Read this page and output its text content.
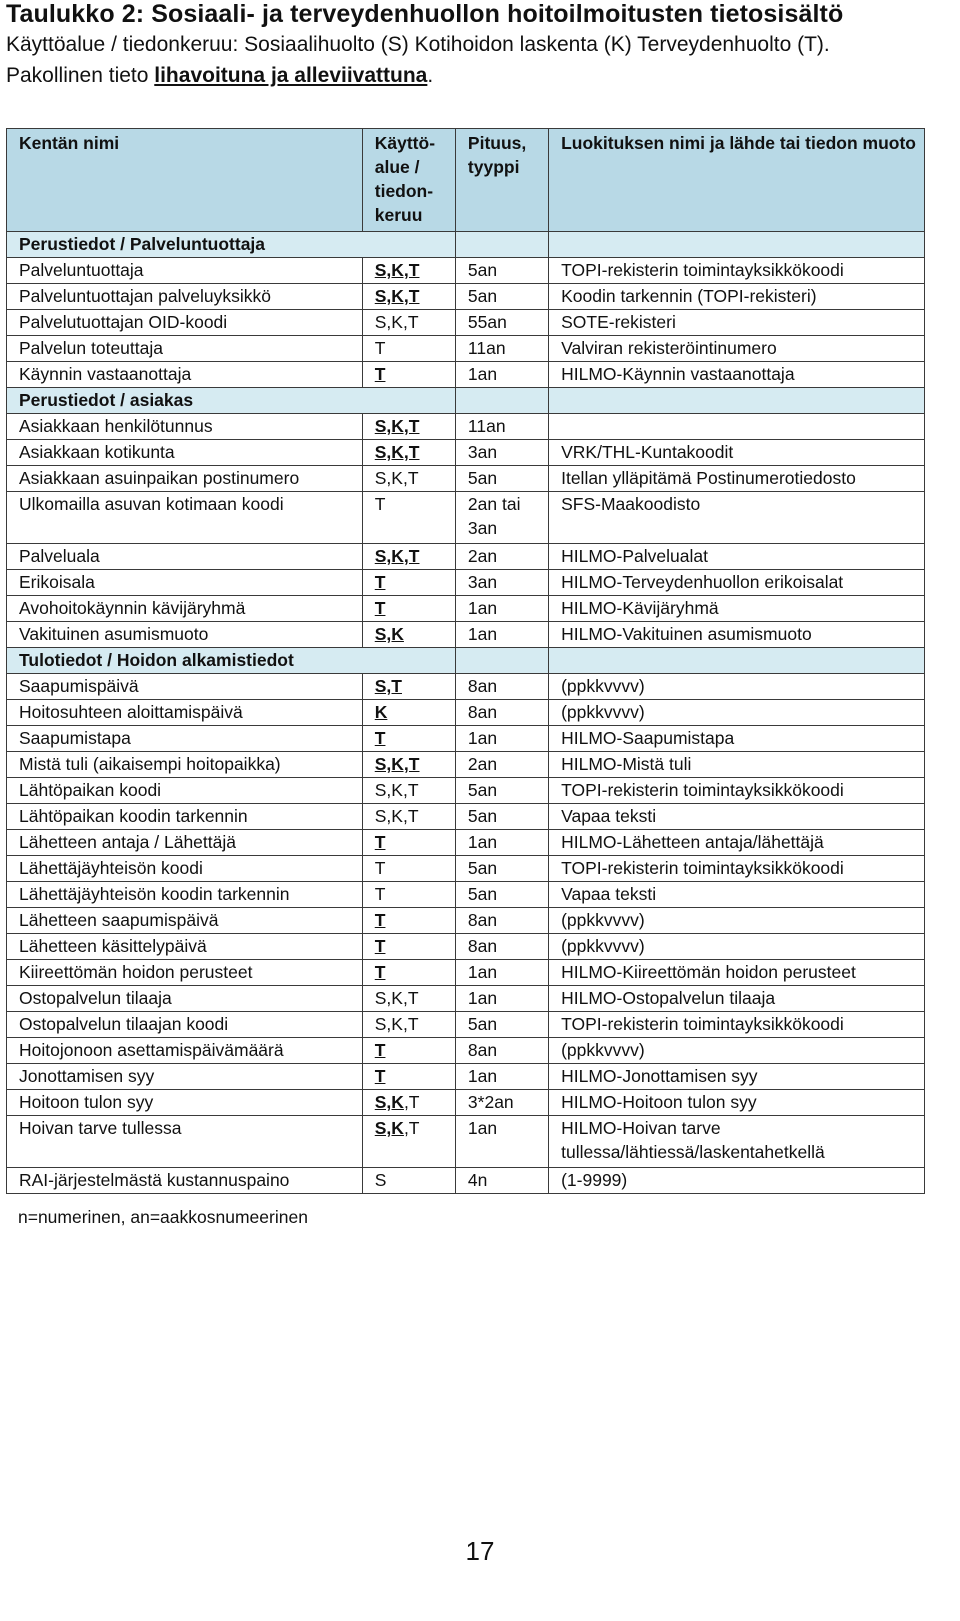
Taulukko 2: Sosiaali- ja terveydenhuollon hoitoilmoitusten tietosisältö
Käyttöalue / tiedonkeruu: Sosiaalihuolto (S) Kotihoidon laskenta (K) Terveydenhuolto (T).
Pakollinen tieto lihavoituna ja alleviivattuna.
Kentän nimi	Käyttö-alue / tiedon-keruu	Pituus, tyyppi	Luokituksen nimi ja lähde tai tiedon muoto
Perustiedot / Palveluntuottaja			
Palveluntuottaja	S,K,T	5an	TOPI-rekisterin toimintayksikkökoodi
Palveluntuottajan palveluyksikkö	S,K,T	5an	Koodin tarkennin (TOPI-rekisteri)
Palvelutuottajan OID-koodi	S,K,T	55an	SOTE-rekisteri
Palvelun toteuttaja	T	11an	Valviran rekisteröintinumero
Käynnin vastaanottaja	T	1an	HILMO-Käynnin vastaanottaja
Perustiedot / asiakas			
Asiakkaan henkilötunnus	S,K,T	11an	
Asiakkaan kotikunta	S,K,T	3an	VRK/THL-Kuntakoodit
Asiakkaan asuinpaikan postinumero	S,K,T	5an	Itellan ylläpitämä Postinumerotiedosto
Ulkomailla asuvan kotimaan koodi	T	2an tai 3an	SFS-Maakoodisto
Palveluala	S,K,T	2an	HILMO-Palvelualat
Erikoisala	T	3an	HILMO-Terveydenhuollon erikoisalat
Avohoitokäynnin kävijäryhmä	T	1an	HILMO-Kävijäryhmä
Vakituinen asumismuoto	S,K	1an	HILMO-Vakituinen asumismuoto
Tulotiedot / Hoidon alkamistiedot			
Saapumispäivä	S,T	8an	(ppkkvvvv)
Hoitosuhteen aloittamispäivä	K	8an	(ppkkvvvv)
Saapumistapa	T	1an	HILMO-Saapumistapa
Mistä tuli (aikaisempi hoitopaikka)	S,K,T	2an	HILMO-Mistä tuli
Lähtöpaikan koodi	S,K,T	5an	TOPI-rekisterin toimintayksikkökoodi
Lähtöpaikan koodin tarkennin	S,K,T	5an	Vapaa teksti
Lähetteen antaja / Lähettäjä	T	1an	HILMO-Lähetteen antaja/lähettäjä
Lähettäjäyhteisön koodi	T	5an	TOPI-rekisterin toimintayksikkökoodi
Lähettäjäyhteisön koodin tarkennin	T	5an	Vapaa teksti
Lähetteen saapumispäivä	T	8an	(ppkkvvvv)
Lähetteen käsittelypäivä	T	8an	(ppkkvvvv)
Kiireettömän hoidon perusteet	T	1an	HILMO-Kiireettömän hoidon perusteet
Ostopalvelun tilaaja	S,K,T	1an	HILMO-Ostopalvelun tilaaja
Ostopalvelun tilaajan koodi	S,K,T	5an	TOPI-rekisterin toimintayksikkökoodi
Hoitojonoon asettamispäivämäärä	T	8an	(ppkkvvvv)
Jonottamisen syy	T	1an	HILMO-Jonottamisen syy
Hoitoon tulon syy	S,K,T	3*2an	HILMO-Hoitoon tulon syy
Hoivan tarve tullessa	S,K,T	1an	HILMO-Hoivan tarve tullessa/lähtiessä/laskentahetkellä
RAI-järjestelmästä kustannuspaino	S	4n	(1-9999)
n=numerinen, an=aakkosnumeerinen
17
